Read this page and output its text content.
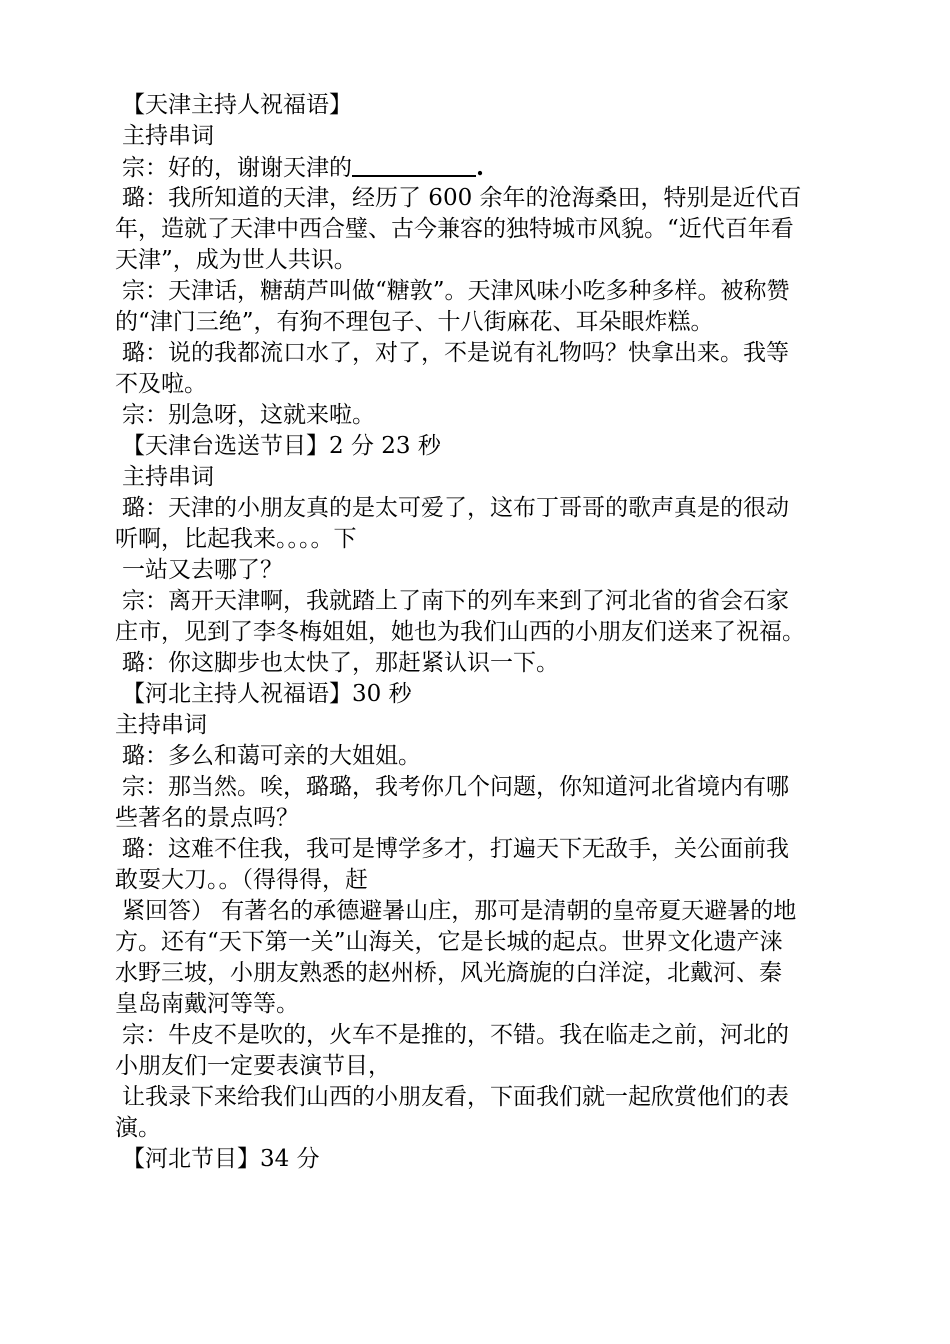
【天津主持人祝福语】
主持串词
宗：好的，谢谢天津的	.
璐：我所知道的天津，经历了 600 余年的沧海桑田，特别是近代百
年，造就了天津中西合璧、古今兼容的独特城市风貌。“近代百年看
天津”，成为世人共识。
宗：天津话，糖葫芦叫做“糖敦”。天津风味小吃多种多样。被称赞
的“津门三绝”，有狗不理包子、十八街麻花、耳朵眼炸糕。
璐：说的我都流口水了，对了，不是说有礼物吗？快拿出来。我等
不及啦。
宗：别急呀，这就来啦。
【天津台选送节目】2 分 23 秒
主持串词
璐：天津的小朋友真的是太可爱了，这布丁哥哥的歌声真是的很动
听啊，比起我来。。。。下
一站又去哪了？
宗：离开天津啊，我就踏上了南下的列车来到了河北省的省会石家
庄市，见到了李冬梅姐姐，她也为我们山西的小朋友们送来了祝福。
璐：你这脚步也太快了，那赶紧认识一下。
【河北主持人祝福语】30 秒
主持串词
璐：多么和蔼可亲的大姐姐。
宗：那当然。唉，璐璐，我考你几个问题，你知道河北省境内有哪
些著名的景点吗？
璐：这难不住我，我可是博学多才，打遍天下无敌手，关公面前我
敢耍大刀。。（得得得，赶
紧回答） 有著名的承德避暑山庄，那可是清朝的皇帝夏天避暑的地
方。还有“天下第一关”山海关，它是长城的起点。世界文化遗产涞
水野三坡，小朋友熟悉的赵州桥，风光旖旎的白洋淀，北戴河、秦
皇岛南戴河等等。
宗：牛皮不是吹的，火车不是推的，不错。我在临走之前，河北的
小朋友们一定要表演节目，
让我录下来给我们山西的小朋友看，下面我们就一起欣赏他们的表
演。
【河北节目】34 分
